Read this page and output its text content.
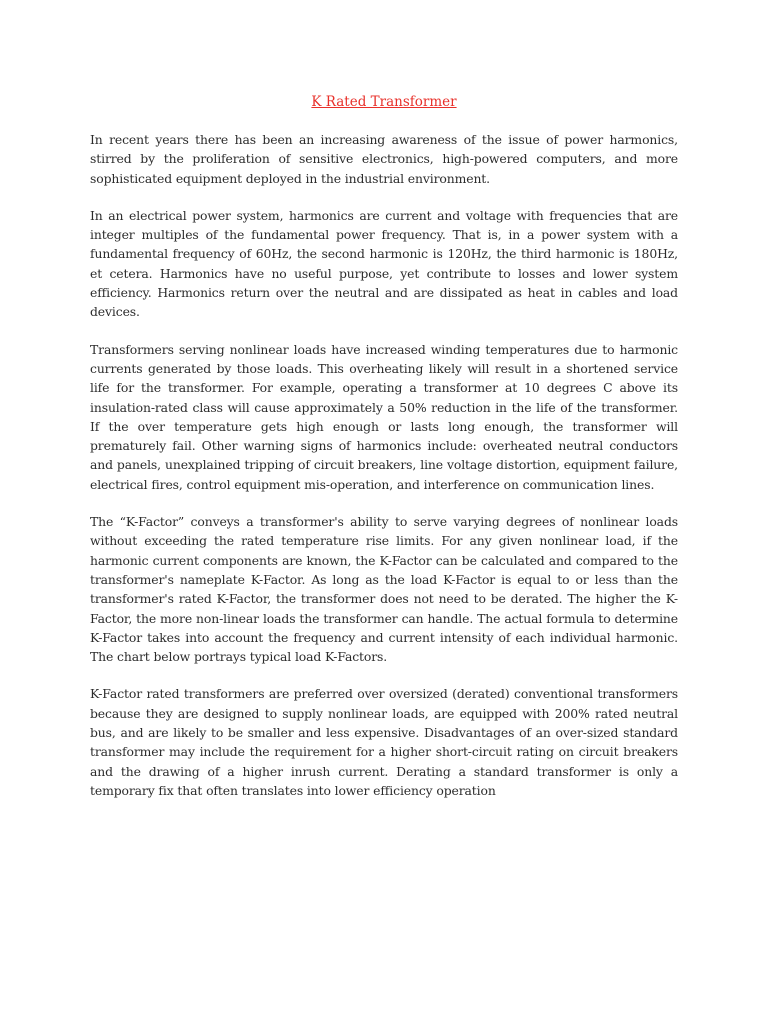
K Rated Transformer

In recent years there has been an increasing awareness of the issue of power harmonics, stirred by the proliferation of sensitive electronics, high-powered computers, and more sophisticated equipment deployed in the industrial environment.

In an electrical power system, harmonics are current and voltage with frequencies that are integer multiples of the fundamental power frequency. That is, in a power system with a fundamental frequency of 60Hz, the second harmonic is 120Hz, the third harmonic is 180Hz, et cetera. Harmonics have no useful purpose, yet contribute to losses and lower system efficiency. Harmonics return over the neutral and are dissipated as heat in cables and load devices.

Transformers serving nonlinear loads have increased winding temperatures due to harmonic currents generated by those loads. This overheating likely will result in a shortened service life for the transformer. For example, operating a transformer at 10 degrees C above its insulation-rated class will cause approximately a 50% reduction in the life of the transformer. If the over temperature gets high enough or lasts long enough, the transformer will prematurely fail. Other warning signs of harmonics include: overheated neutral conductors and panels, unexplained tripping of circuit breakers, line voltage distortion, equipment failure, electrical fires, control equipment mis-operation, and interference on communication lines.

The “K-Factor” conveys a transformer's ability to serve varying degrees of nonlinear loads without exceeding the rated temperature rise limits. For any given nonlinear load, if the harmonic current components are known, the K-Factor can be calculated and compared to the transformer's nameplate K-Factor. As long as the load K-Factor is equal to or less than the transformer's rated K-Factor, the transformer does not need to be derated. The higher the K-Factor, the more non-linear loads the transformer can handle. The actual formula to determine K-Factor takes into account the frequency and current intensity of each individual harmonic. The chart below portrays typical load K-Factors.

K-Factor rated transformers are preferred over oversized (derated) conventional transformers because they are designed to supply nonlinear loads, are equipped with 200% rated neutral bus, and are likely to be smaller and less expensive. Disadvantages of an over-sized standard transformer may include the requirement for a higher short-circuit rating on circuit breakers and the drawing of a higher inrush current. Derating a standard transformer is only a temporary fix that often translates into lower efficiency operation
